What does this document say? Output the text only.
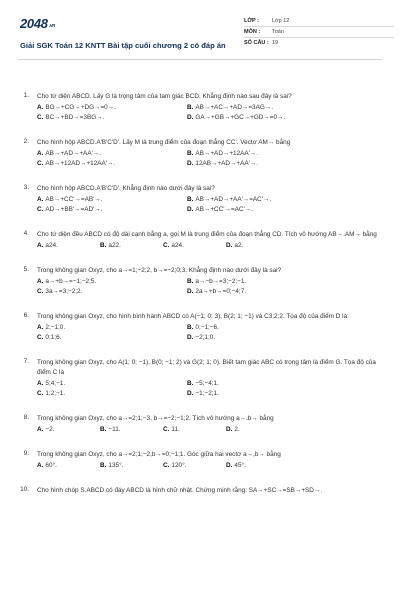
$2048^{.vn}$
Giải SGK Toán 12 KNTT Bài tập cuối chương 2 có đáp án
LỚP :	Lớp 12
MÔN :	Toán
SỐ CÂU : 19
1.	Cho tứ diện ABCD. Lấy G là trọng tâm của tam giác BCD. Khẳng định nào sau đây là sai?
A. BG→+CG→+DG→=0→.	B. AB→+AC→+AD→=3AG→.
C. BC→+BD→=3BG→.	D. GA→+GB→+GC→+GD→=0→.
2.	Cho hình hộp ABCD.A'B'C'D'. Lấy M là trung điểm của đoạn thẳng CC'. Vectơ AM→ bằng
A. AB→+AD→+AA'→.	B. AB→+AD→+12AA'→.
C. AB→+12AD→+12AA'→.	D. 12AB→+AD→+AA'→.
3.	Cho hình hộp ABCD.A'B'C'D'. Khẳng định nào dưới đây là sai?
A. AB→+CC'→=AB'→.	B. AB→+AD→+AA'→=AC'→.
C. AD→+BB'→=AD'→.	D. AB→+CC'→=AC'→.
4.	Cho tứ diện đều ABCD có độ dài cạnh bằng a, gọi M là trung điểm của đoạn thẳng CD. Tích vô hướng AB→.AM→ bằng
A. a24.	B. a22.	C. a24.	D. a2.
5.	Trong không gian Oxyz, cho a→=1;−2;2, b→=−2;0;3. Khẳng định nào dưới đây là sai?
A. a→+b→=−1;−2;5.	B. a→−b→=3;−2;−1.
C. 3a→=3;−2;2.	D. 2a→+b→=0;−4;7.
6.	Trong không gian Oxyz, cho hình bình hành ABCD có A(−1; 0; 3), B(2; 1; −1) và C3;2;2. Tọa độ của điểm D là:
A. 2;−1;0.	B. 0;−1;−6.
C. 0;1;6.	D. −2;1;0.
7.	Trong không gian Oxyz, cho A(1; 0; −1), B(0; −1; 2) và G(2; 1; 0). Biết tam giác ABC có trọng tâm là điểm G. Tọa độ của điểm C là
A. 5;4;−1.	B. −5;−4;1.
C. 1;2;−1.	D. −1;−2;1.
8.	Trong không gian Oxyz, cho a→=2;1;−3, b→=−2;−1;2. Tích vô hướng a→.b→ bằng
A. −2.	B. −11.	C. 11.	D. 2.
9.	Trong không gian Oxyz, cho a→=2;1;−2,b→=0;−1;1. Góc giữa hai vectơ a→,b→ bằng
A. 60°.	B. 135°.	C. 120°.	D. 45°.
10.	Cho hình chóp S.ABCD có đáy ABCD là hình chữ nhật. Chứng minh rằng: SA→+SC→=SB→+SD→.
